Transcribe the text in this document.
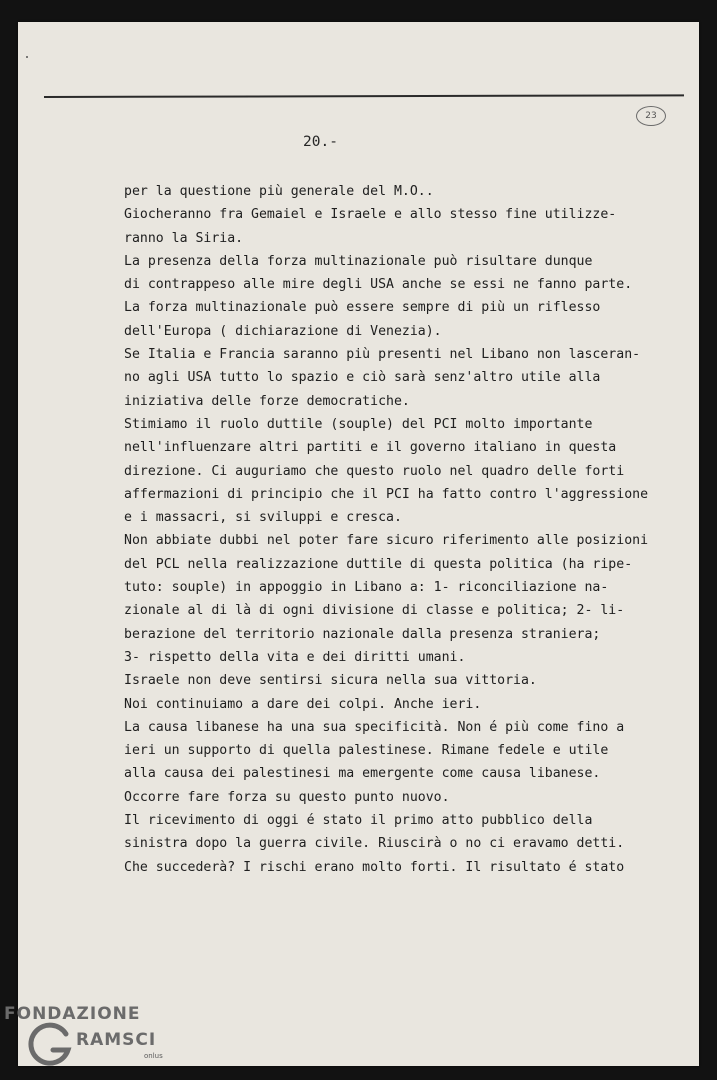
23
20.-
per la questione più generale del M.O..
Giocheranno fra Gemaiel e Israele e allo stesso fine utilizze-
ranno la Siria.
La presenza della forza multinazionale può risultare dunque
di contrappeso alle mire degli USA anche se essi ne fanno parte.
La forza multinazionale può essere sempre di più un riflesso
dell'Europa ( dichiarazione di Venezia).
Se Italia e Francia saranno più presenti nel Libano non lasceran-
no agli USA tutto lo spazio e ciò sarà senz'altro utile alla
iniziativa delle forze democratiche.
Stimiamo il ruolo duttile (souple) del PCI molto importante
nell'influenzare altri partiti e il governo italiano in questa
direzione. Ci auguriamo che questo ruolo nel quadro delle forti
affermazioni di principio che il PCI ha fatto contro l'aggressione
e i massacri, si sviluppi e cresca.
Non abbiate dubbi nel poter fare sicuro riferimento alle posizioni
del PCL nella realizzazione duttile di questa politica (ha ripe-
tuto: souple) in appoggio in Libano a: 1- riconciliazione na-
zionale al di là di ogni divisione di classe e politica; 2- li-
berazione del territorio nazionale dalla presenza straniera;
3- rispetto della vita e dei diritti umani.
Israele non deve sentirsi sicura nella sua vittoria.
Noi continuiamo a dare dei colpi. Anche ieri.
La causa libanese ha una sua specificità. Non é più come fino a
ieri un supporto di quella palestinese. Rimane fedele e utile
alla causa dei palestinesi ma emergente come causa libanese.
Occorre fare forza su questo punto nuovo.
Il ricevimento di oggi é stato il primo atto pubblico della
sinistra dopo la guerra civile. Riuscirà o no ci eravamo detti.
Che succederà? I rischi erano molto forti. Il risultato é stato
FONDAZIONE
RAMSCI
onlus
